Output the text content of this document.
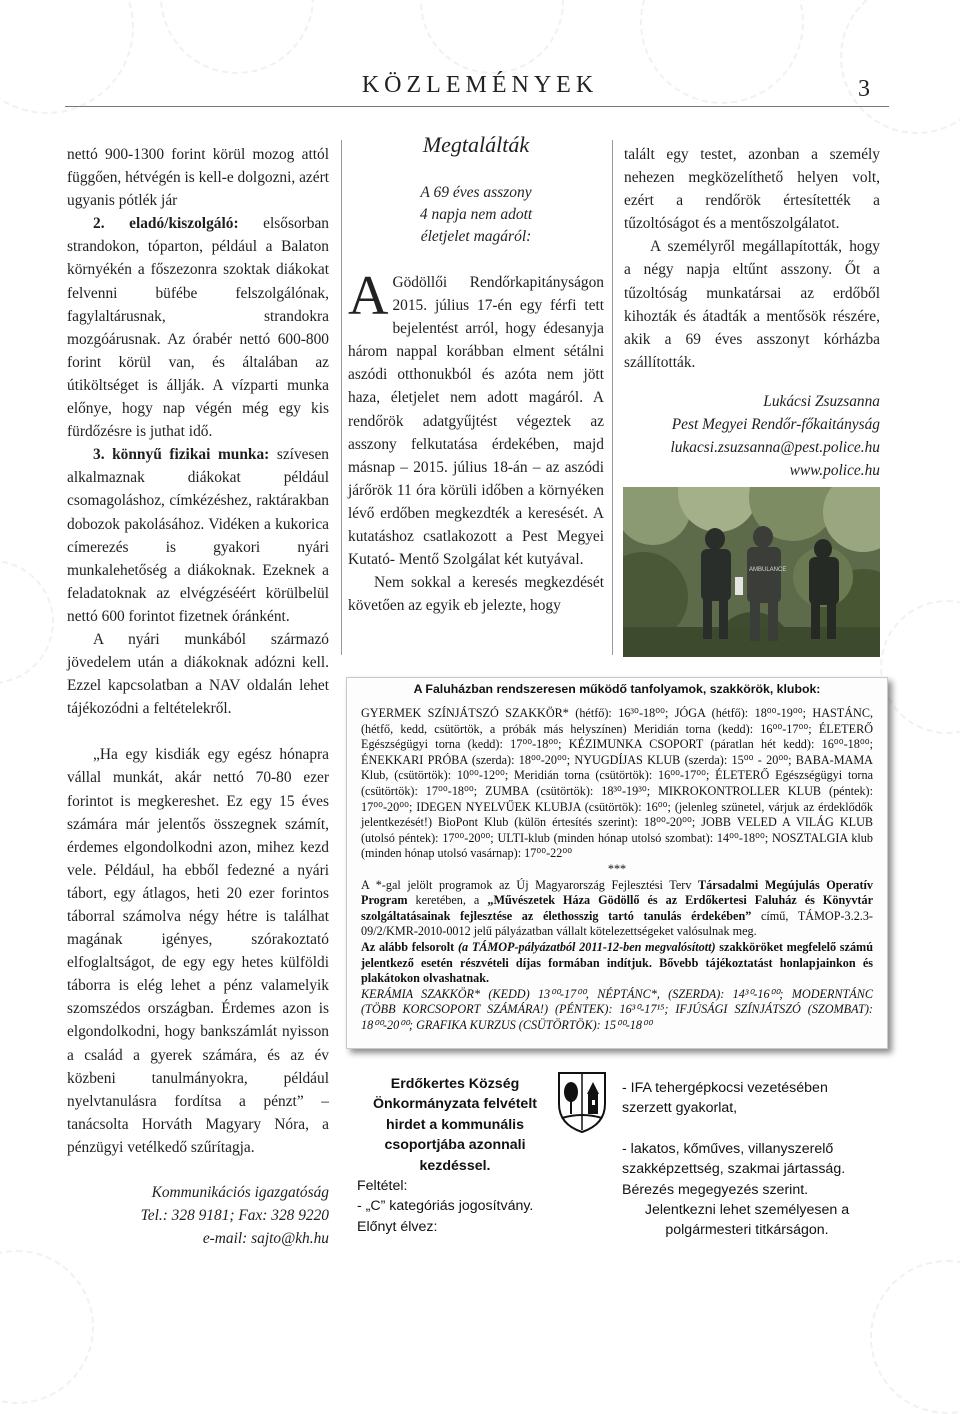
KÖZLEMÉNYEK	3

nettó 900-1300 forint körül mozog attól függően, hétvégén is kell-e dolgozni, azért ugyanis pótlék jár

2. eladó/kiszolgáló: elsősorban strandokon, tóparton, például a Balaton környékén a főszezonra szoktak diákokat felvenni büfébe felszolgálónak, fagylaltárusnak, strandokra mozgóárusnak. Az órabér nettó 600-800 forint körül van, és általában az útiköltséget is állják. A vízparti munka előnye, hogy nap végén még egy kis fürdőzésre is juthat idő.

3. könnyű fizikai munka: szívesen alkalmaznak diákokat például csomagoláshoz, címkézéshez, raktárakban dobozok pakolásához. Vidéken a kukorica címerezés is gyakori nyári munkalehetőség a diákoknak. Ezeknek a feladatoknak az elvégzéséért körülbelül nettó 600 forintot fizetnek óránként.

A nyári munkából származó jövedelem után a diákoknak adózni kell. Ezzel kapcsolatban a NAV oldalán lehet tájékozódni a feltételekről.

„Ha egy kisdiák egy egész hónapra vállal munkát, akár nettó 70-80 ezer forintot is megkereshet. Ez egy 15 éves számára már jelentős összegnek számít, érdemes elgondolkodni azon, mihez kezd vele. Például, ha ebből fedezné a nyári tábort, egy átlagos, heti 20 ezer forintos táborral számolva négy hétre is találhat magának igényes, szórakoztató elfoglaltságot, de egy egy hetes külföldi táborra is elég lehet a pénz valamelyik szomszédos országban. Érdemes azon is elgondolkodni, hogy bankszámlát nyisson a család a gyerek számára, és az év közbeni tanulmányokra, például nyelvtanulásra fordítsa a pénzt” – tanácsolta Horváth Magyary Nóra, a pénzügyi vetélkedő szűrítagja.

Kommunikációs igazgatóság

Tel.: 328 9181; Fax: 328 9220

e-mail: sajto@kh.hu

Megtalálták
A 69 éves asszony
4 napja nem adott
életjelet magáról:

A Gödöllői Rendőrkapitányságon 2015. július 17-én egy férfi tett bejelentést arról, hogy édesanyja három nappal korábban elment sétálni aszódi otthonukból és azóta nem jött haza, életjelet nem adott magáról. A rendőrök adatgyűjtést végeztek az asszony felkutatása érdekében, majd másnap – 2015. július 18-án – az aszódi járőrök 11 óra körüli időben a környéken lévő erdőben megkezdték a keresését. A kutatáshoz csatlakozott a Pest Megyei Kutató- Mentő Szolgálat két kutyával.

Nem sokkal a keresés megkezdését követően az egyik eb jelezte, hogy

talált egy testet, azonban a személy nehezen megközelíthető helyen volt, ezért a rendőrök értesítették a tűzoltóságot és a mentőszolgálatot.

A személyről megállapították, hogy a négy napja eltűnt asszony. Őt a tűzoltóság munkatársai az erdőből kihozták és átadták a mentősök részére, akik a 69 éves asszonyt kórházba szállították.

Lukácsi Zsuzsanna

Pest Megyei Rendőr-főkaitányság

lukacsi.zsuzsanna@pest.police.hu

www.police.hu

AMBULANCE
A Faluházban rendszeresen működő tanfolyamok, szakkörök, klubok:

GYERMEK SZÍNJÁTSZÓ SZAKKÖR* (hétfő): 16³⁰-18⁰⁰; JÓGA (hétfő): 18⁰⁰-19⁰⁰; HASTÁNC, (hétfő, kedd, csütörtök, a próbák más helyszínen) Meridián torna (kedd): 16⁰⁰-17⁰⁰; ÉLETERŐ Egészségügyi torna (kedd): 17⁰⁰-18⁰⁰; KÉZIMUNKA CSOPORT (páratlan hét kedd): 16⁰⁰-18⁰⁰; ÉNEKKARI PRÓBA (szerda): 18⁰⁰-20⁰⁰; NYUGDÍJAS KLUB (szerda): 15⁰⁰ - 20⁰⁰; BABA-MAMA Klub, (csütörtök): 10⁰⁰-12⁰⁰; Meridián torna (csütörtök): 16⁰⁰-17⁰⁰; ÉLETERŐ Egészségügyi torna (csütörtök): 17⁰⁰-18⁰⁰; ZUMBA (csütörtök): 18³⁰-19³⁰; MIKROKONTROLLER KLUB (péntek): 17⁰⁰-20⁰⁰; IDEGEN NYELVŰEK KLUBJA (csütörtök): 16⁰⁰; (jelenleg szünetel, várjuk az érdeklődők jelentkezését!) BioPont Klub (külön értesítés szerint): 18⁰⁰-20⁰⁰; JOBB VELED A VILÁG KLUB (utolsó péntek): 17⁰⁰-20⁰⁰; ULTI-klub (minden hónap utolsó szombat): 14⁰⁰-18⁰⁰; NOSZTALGIA klub (minden hónap utolsó vasárnap): 17⁰⁰-22⁰⁰

***

A *-gal jelölt programok az Új Magyarország Fejlesztési Terv Társadalmi Megújulás Operatív Program keretében, a „Művészetek Háza Gödöllő és az Erdőkertesi Faluház és Könyvtár szolgáltatásainak fejlesztése az élethosszig tartó tanulás érdekében” című, TÁMOP-3.2.3-09/2/KMR-2010-0012 jelű pályázatban vállalt kötelezettségeket valósulnak meg.

Az alább felsorolt (a TÁMOP-pályázatból 2011-12-ben megvalósított) szakköröket megfelelő számú jelentkező esetén részvételi díjas formában indítjuk. Bővebb tájékoztatást honlapjainkon és plakátokon olvashatnak.

KERÁMIA SZAKKÖR* (KEDD) 13⁰⁰-17⁰⁰, NÉPTÁNC*, (SZERDA): 14³⁰-16⁰⁰; MODERNTÁNC (TÖBB KORCSOPORT SZÁMÁRA!) (PÉNTEK): 16³⁰-17¹⁵; IFJÚSÁGI SZÍNJÁTSZÓ (SZOMBAT): 18⁰⁰-20⁰⁰; GRAFIKA KURZUS (CSÜTÖRTÖK): 15⁰⁰-18⁰⁰

Erdőkertes Község
Önkormányzata felvételt
hirdet a kommunális
csoportjába azonnali
kezdéssel.
Feltétel:
- „C” kategóriás jogosítvány.
Előnyt élvez:

- IFA tehergépkocsi vezetésében szerzett gyakorlat,

- lakatos, kőműves, villanyszerelő szakképzettség, szakmai jártasság.

Bérezés megegyezés szerint.

Jelentkezni lehet személyesen a polgármesteri titkárságon.
